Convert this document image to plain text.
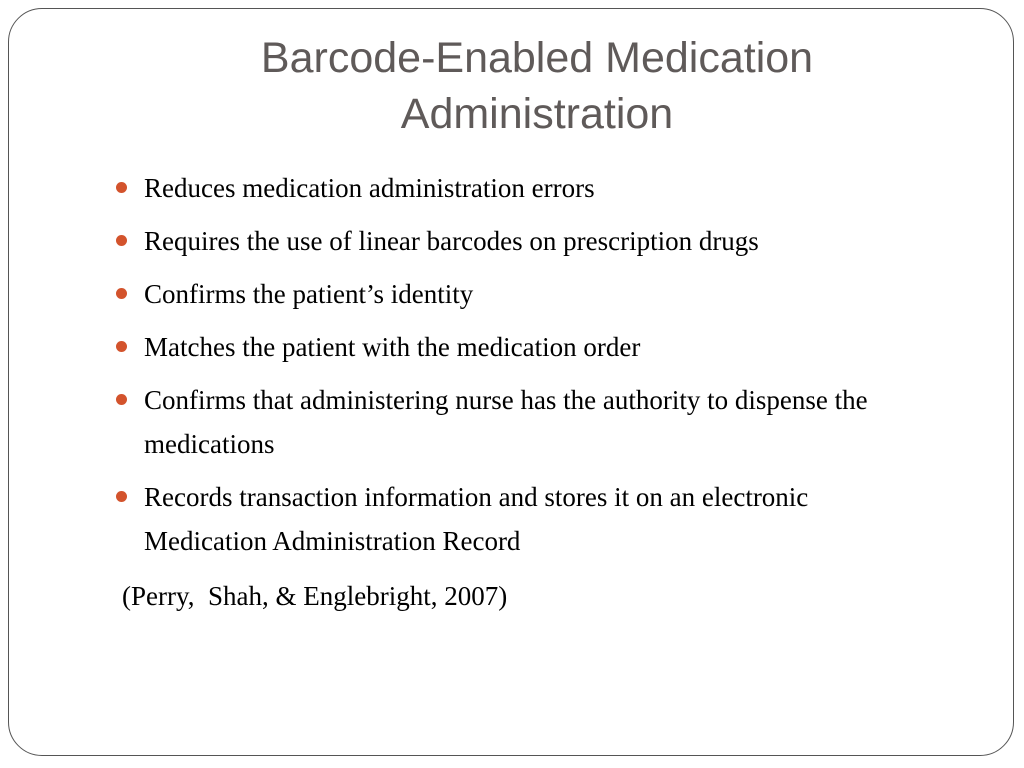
Barcode-Enabled Medication
Administration
Reduces medication administration errors
Requires the use of linear barcodes on prescription drugs
Confirms the patient’s identity
Matches the patient with the medication order
Confirms that administering nurse has the authority to dispense the medications
Records transaction information and stores it on an electronic Medication Administration Record

(Perry,  Shah, & Englebright, 2007)
